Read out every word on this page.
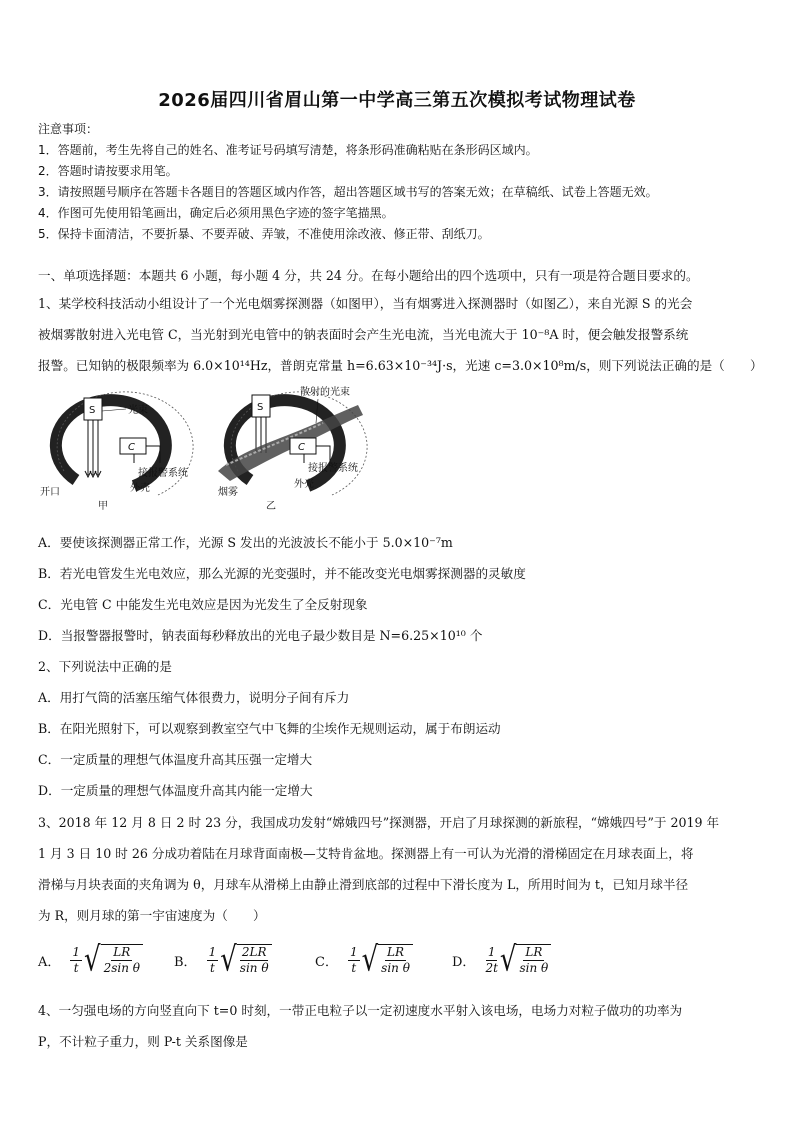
2026届四川省眉山第一中学高三第五次模拟考试物理试卷
注意事项：
1．答题前，考生先将自己的姓名、准考证号码填写清楚，将条形码准确粘贴在条形码区域内。
2．答题时请按要求用笔。
3．请按照题号顺序在答题卡各题目的答题区域内作答，超出答题区域书写的答案无效；在草稿纸、试卷上答题无效。
4．作图可先使用铅笔画出，确定后必须用黑色字迹的签字笔描黑。
5．保持卡面清洁，不要折暴、不要弄破、弄皱，不准使用涂改液、修正带、刮纸刀。
一、单项选择题：本题共 6 小题，每小题 4 分，共 24 分。在每小题给出的四个选项中，只有一项是符合题目要求的。
1、某学校科技活动小组设计了一个光电烟雾探测器（如图甲），当有烟雾进入探测器时（如图乙），来自光源 S 的光会
被烟雾散射进入光电管 C，当光射到光电管中的钠表面时会产生光电流，当光电流大于 10⁻⁸A 时，便会触发报警系统
报警。已知钠的极限频率为 6.0×10¹⁴Hz，普朗克常量 h=6.63×10⁻³⁴J·s，光速 c=3.0×10⁸m/s，则下列说法正确的是（　　）
S	光束
C
接报警系统
外壳
开口
甲
S
散射的光束
C
接报警系统
外壳
烟雾
乙
A．要使该探测器正常工作，光源 S 发出的光波波长不能小于 5.0×10⁻⁷m
B．若光电管发生光电效应，那么光源的光变强时，并不能改变光电烟雾探测器的灵敏度
C．光电管 C 中能发生光电效应是因为光发生了全反射现象
D．当报警器报警时，钠表面每秒释放出的光电子最少数目是 N=6.25×10¹⁰ 个
2、下列说法中正确的是
A．用打气筒的活塞压缩气体很费力，说明分子间有斥力
B．在阳光照射下，可以观察到教室空气中飞舞的尘埃作无规则运动，属于布朗运动
C．一定质量的理想气体温度升高其压强一定增大
D．一定质量的理想气体温度升高其内能一定增大
3、2018 年 12 月 8 日 2 时 23 分，我国成功发射“嫦娥四号”探测器，开启了月球探测的新旅程，“嫦娥四号”于 2019 年
1 月 3 日 10 时 26 分成功着陆在月球背面南极—艾特肯盆地。探测器上有一可认为光滑的滑梯固定在月球表面上，将
滑梯与月块表面的夹角调为 θ，月球车从滑梯上由静止滑到底部的过程中下滑长度为 L，所用时间为 t，已知月球半径
为 R，则月球的第一宇宙速度为（　　）
A． $\frac{1}{t}$ √ LR
2sin θ	B． $\frac{1}{t}$ √ 2LR
sin θ	C． $\frac{1}{t}$ √ LR
sin θ	D． $\frac{1}{2t}$ √ LR
sin θ
4、一匀强电场的方向竖直向下 t=0 时刻，一带正电粒子以一定初速度水平射入该电场，电场力对粒子做功的功率为
P，不计粒子重力，则 P-t 关系图像是
